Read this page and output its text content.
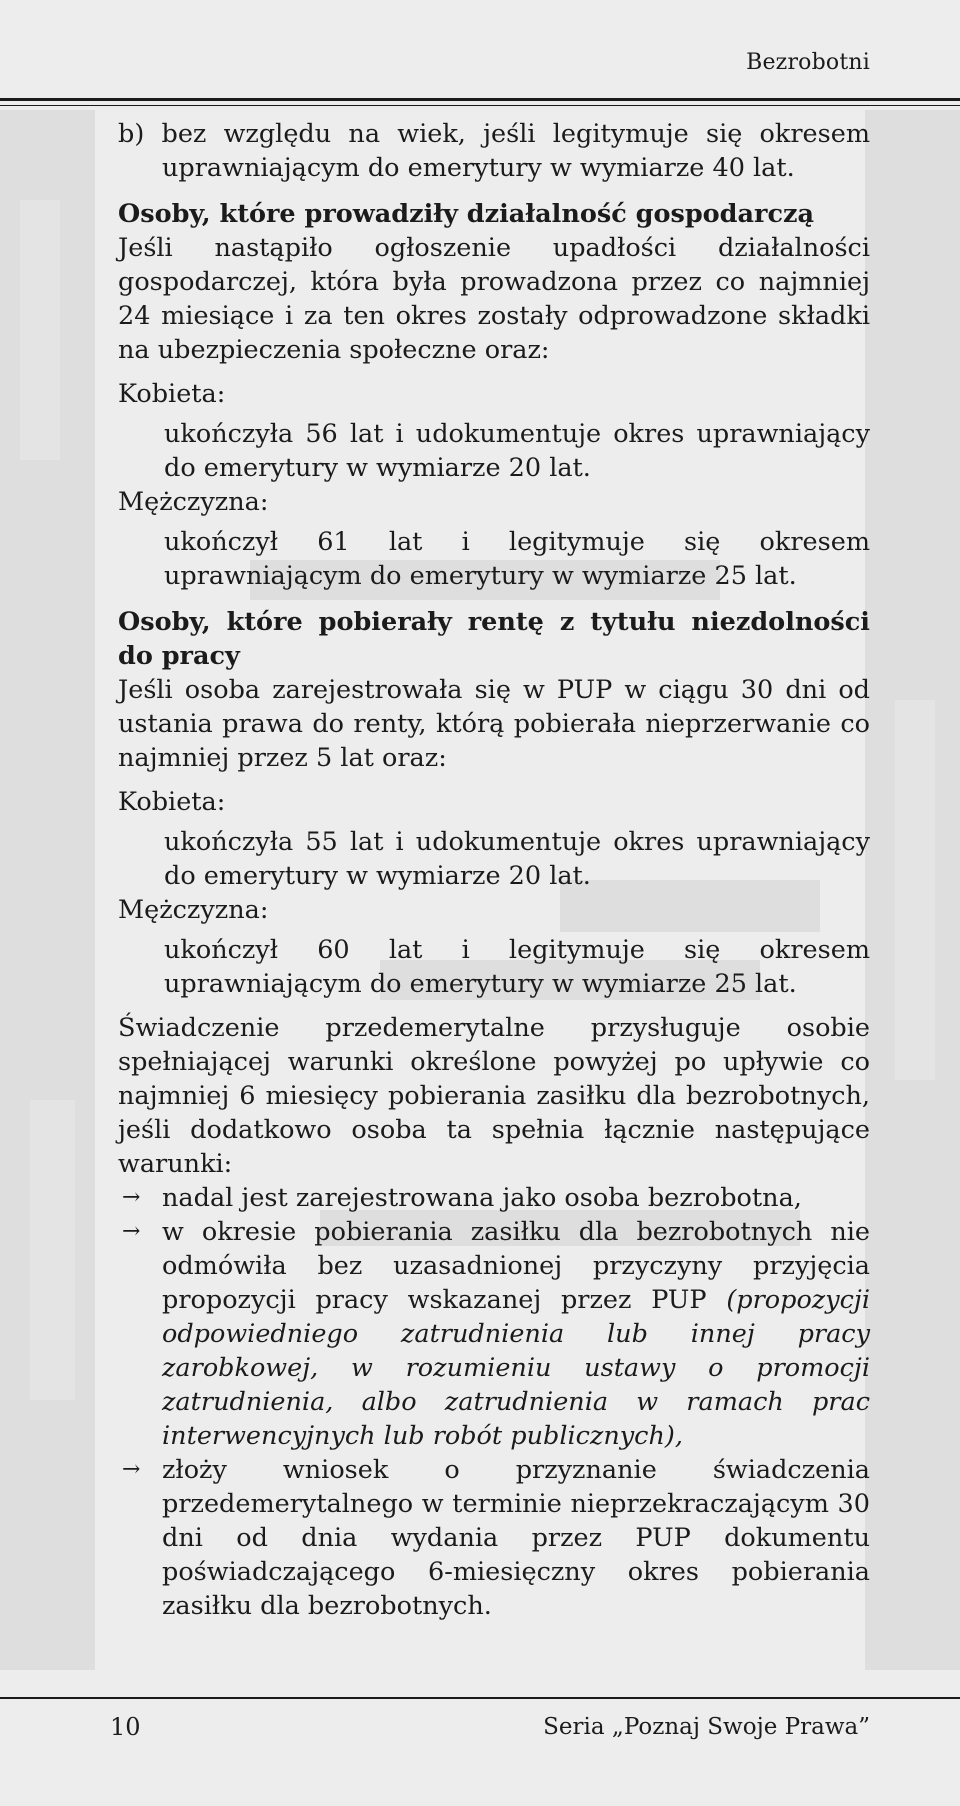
Bezrobotni

b) bez względu na wiek, jeśli legitymuje się okresem uprawniającym do emerytury w wymiarze 40 lat.

Osoby, które prowadziły działalność gospodarczą

Jeśli nastąpiło ogłoszenie upadłości działalności gospodarczej, która była prowadzona przez co najmniej 24 miesiące i za ten okres zostały odprowadzone składki na ubezpieczenia społeczne oraz:

Kobieta:

ukończyła 56 lat i udokumentuje okres uprawniający do emerytury w wymiarze 20 lat.

Mężczyzna:

ukończył 61 lat i legitymuje się okresem uprawniającym do emerytury w wymiarze 25 lat.

Osoby, które pobierały rentę z tytułu niezdolności do pracy

Jeśli osoba zarejestrowała się w PUP w ciągu 30 dni od ustania prawa do renty, którą pobierała nieprzerwanie co najmniej przez 5 lat oraz:

Kobieta:

ukończyła 55 lat i udokumentuje okres uprawniający do emerytury w wymiarze 20 lat.

Mężczyzna:

ukończył 60 lat i legitymuje się okresem uprawniającym do emerytury w wymiarze 25 lat.

Świadczenie przedemerytalne przysługuje osobie spełniającej warunki określone powyżej po upływie co najmniej 6 miesięcy pobierania zasiłku dla bezrobotnych, jeśli dodatkowo osoba ta spełnia łącznie następujące warunki:

→ nadal jest zarejestrowana jako osoba bezrobotna,
→ w okresie pobierania zasiłku dla bezrobotnych nie odmówiła bez uzasadnionej przyczyny przyjęcia propozycji pracy wskazanej przez PUP (propozycji odpowiedniego zatrudnienia lub innej pracy zarobkowej, w rozumieniu ustawy o promocji zatrudnienia, albo zatrudnienia w ramach prac interwencyjnych lub robót publicznych),
→ złoży wniosek o przyznanie świadczenia przedemerytalnego w terminie nieprzekraczającym 30 dni od dnia wydania przez PUP dokumentu poświadczającego 6-miesięczny okres pobierania zasiłku dla bezrobotnych.
10	Seria „Poznaj Swoje Prawa”
